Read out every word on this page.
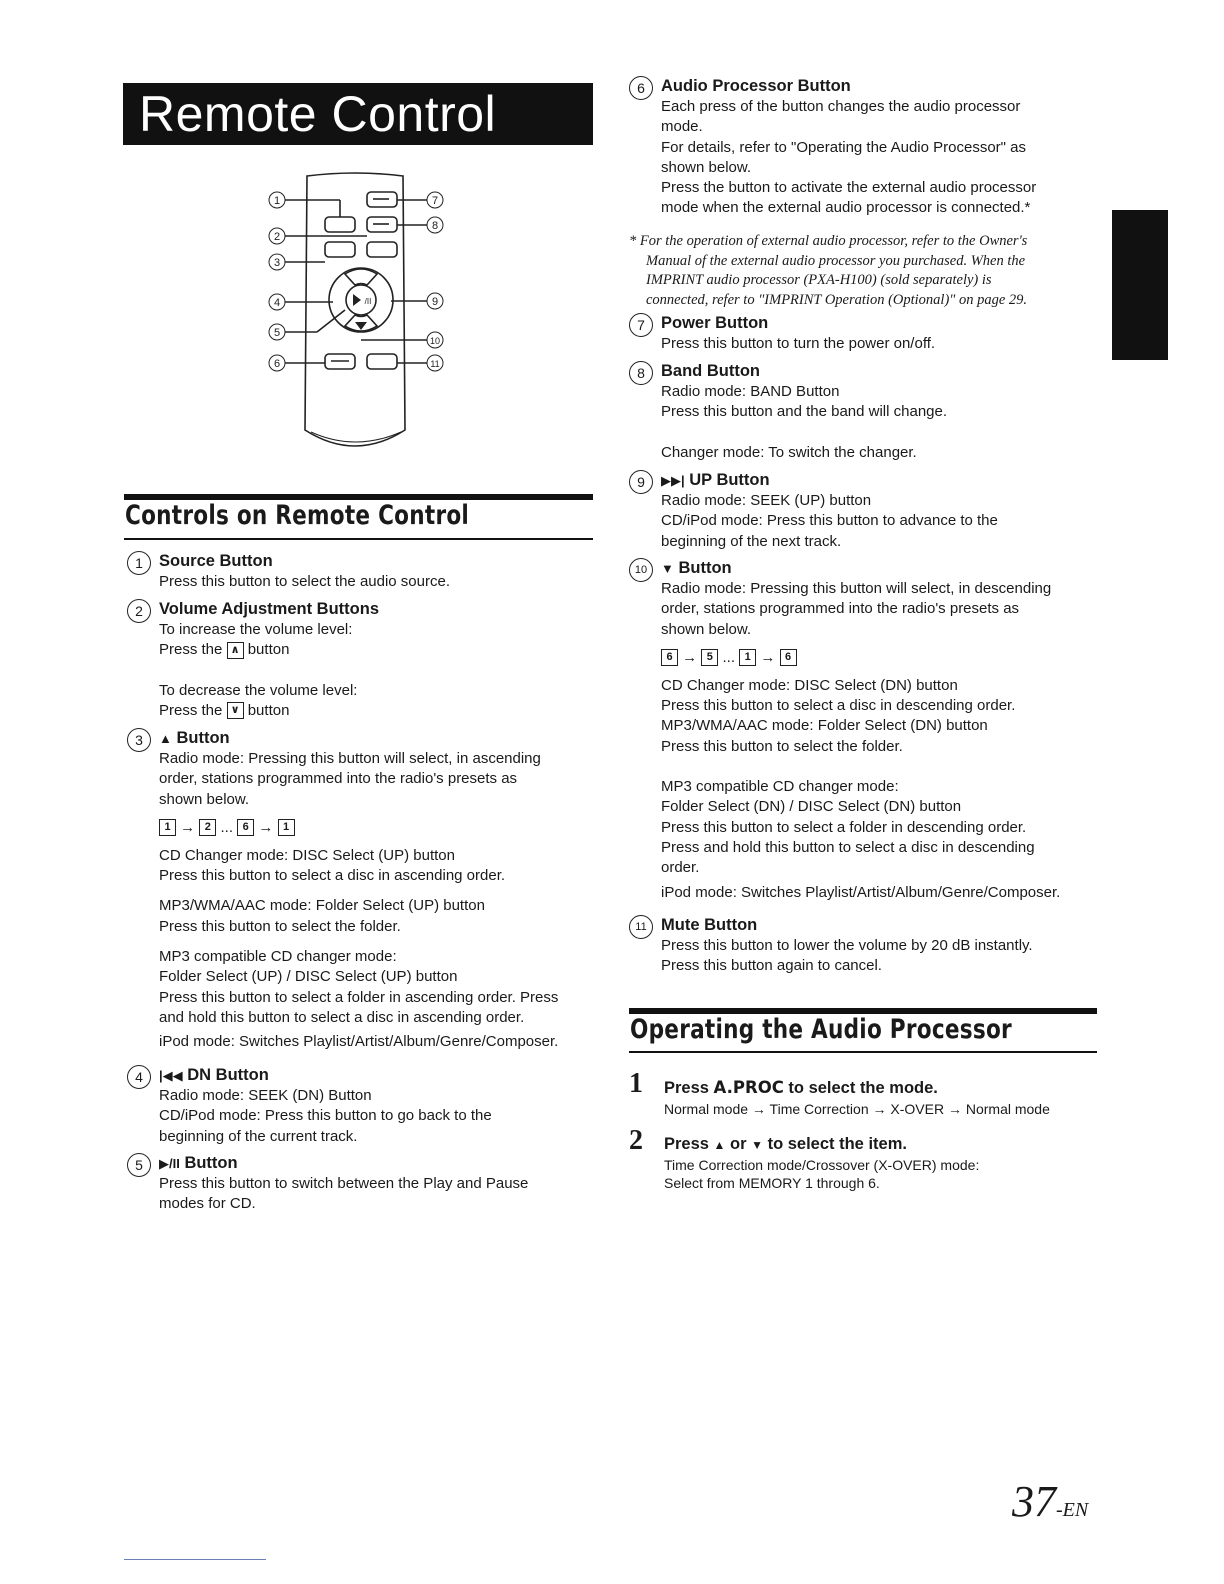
Remote Control
/II
1
2
3
4
5
6
7
8
9
10
11
Controls on Remote Control
1 Source Button
Press this button to select the audio source.
2 Volume Adjustment Buttons
To increase the volume level:
Press the ∧ button
To decrease the volume level:
Press the ∨ button
3	▲ Button
Radio mode: Pressing this button will select, in ascending
order, stations programmed into the radio's presets as
shown below.
1 → 2 ... 6 → 1
CD Changer mode: DISC Select (UP) button
Press this button to select a disc in ascending order.
MP3/WMA/AAC mode: Folder Select (UP) button
Press this button to select the folder.
MP3 compatible CD changer mode:
Folder Select (UP) / DISC Select (UP) button
Press this button to select a folder in ascending order. Press
and hold this button to select a disc in ascending order.
iPod mode: Switches Playlist/Artist/Album/Genre/Composer.
4	|◀◀ DN Button
Radio mode: SEEK (DN) Button
CD/iPod mode: Press this button to go back to the
beginning of the current track.
5	▶/II Button
Press this button to switch between the Play and Pause
modes for CD.
6 Audio Processor Button
Each press of the button changes the audio processor
mode.
For details, refer to "Operating the Audio Processor" as
shown below.
Press the button to activate the external audio processor
mode when the external audio processor is connected.*
* For the operation of external audio processor, refer to the Owner's
Manual of the external audio processor you purchased. When the
IMPRINT audio processor (PXA-H100) (sold separately) is
connected, refer to "IMPRINT Operation (Optional)" on page 29.
7 Power Button
Press this button to turn the power on/off.
8 Band Button
Radio mode: BAND Button
Press this button and the band will change.
Changer mode: To switch the changer.
9	▶▶| UP Button
Radio mode: SEEK (UP) button
CD/iPod mode: Press this button to advance to the
beginning of the next track.
10	▼ Button
Radio mode: Pressing this button will select, in descending
order, stations programmed into the radio's presets as
shown below.
6 → 5 ... 1 → 6
CD Changer mode: DISC Select (DN) button
Press this button to select a disc in descending order.
MP3/WMA/AAC mode: Folder Select (DN) button
Press this button to select the folder.
MP3 compatible CD changer mode:
Folder Select (DN) / DISC Select (DN) button
Press this button to select a folder in descending order.
Press and hold this button to select a disc in descending
order.
iPod mode: Switches Playlist/Artist/Album/Genre/Composer.
11 Mute Button
Press this button to lower the volume by 20 dB instantly.
Press this button again to cancel.
Operating the Audio Processor
1 Press A.PROC to select the mode.
Normal mode → Time Correction → X-OVER → Normal mode
2 Press ▲ or ▼ to select the item.
Time Correction mode/Crossover (X-OVER) mode:
Select from MEMORY 1 through 6.
37-EN
